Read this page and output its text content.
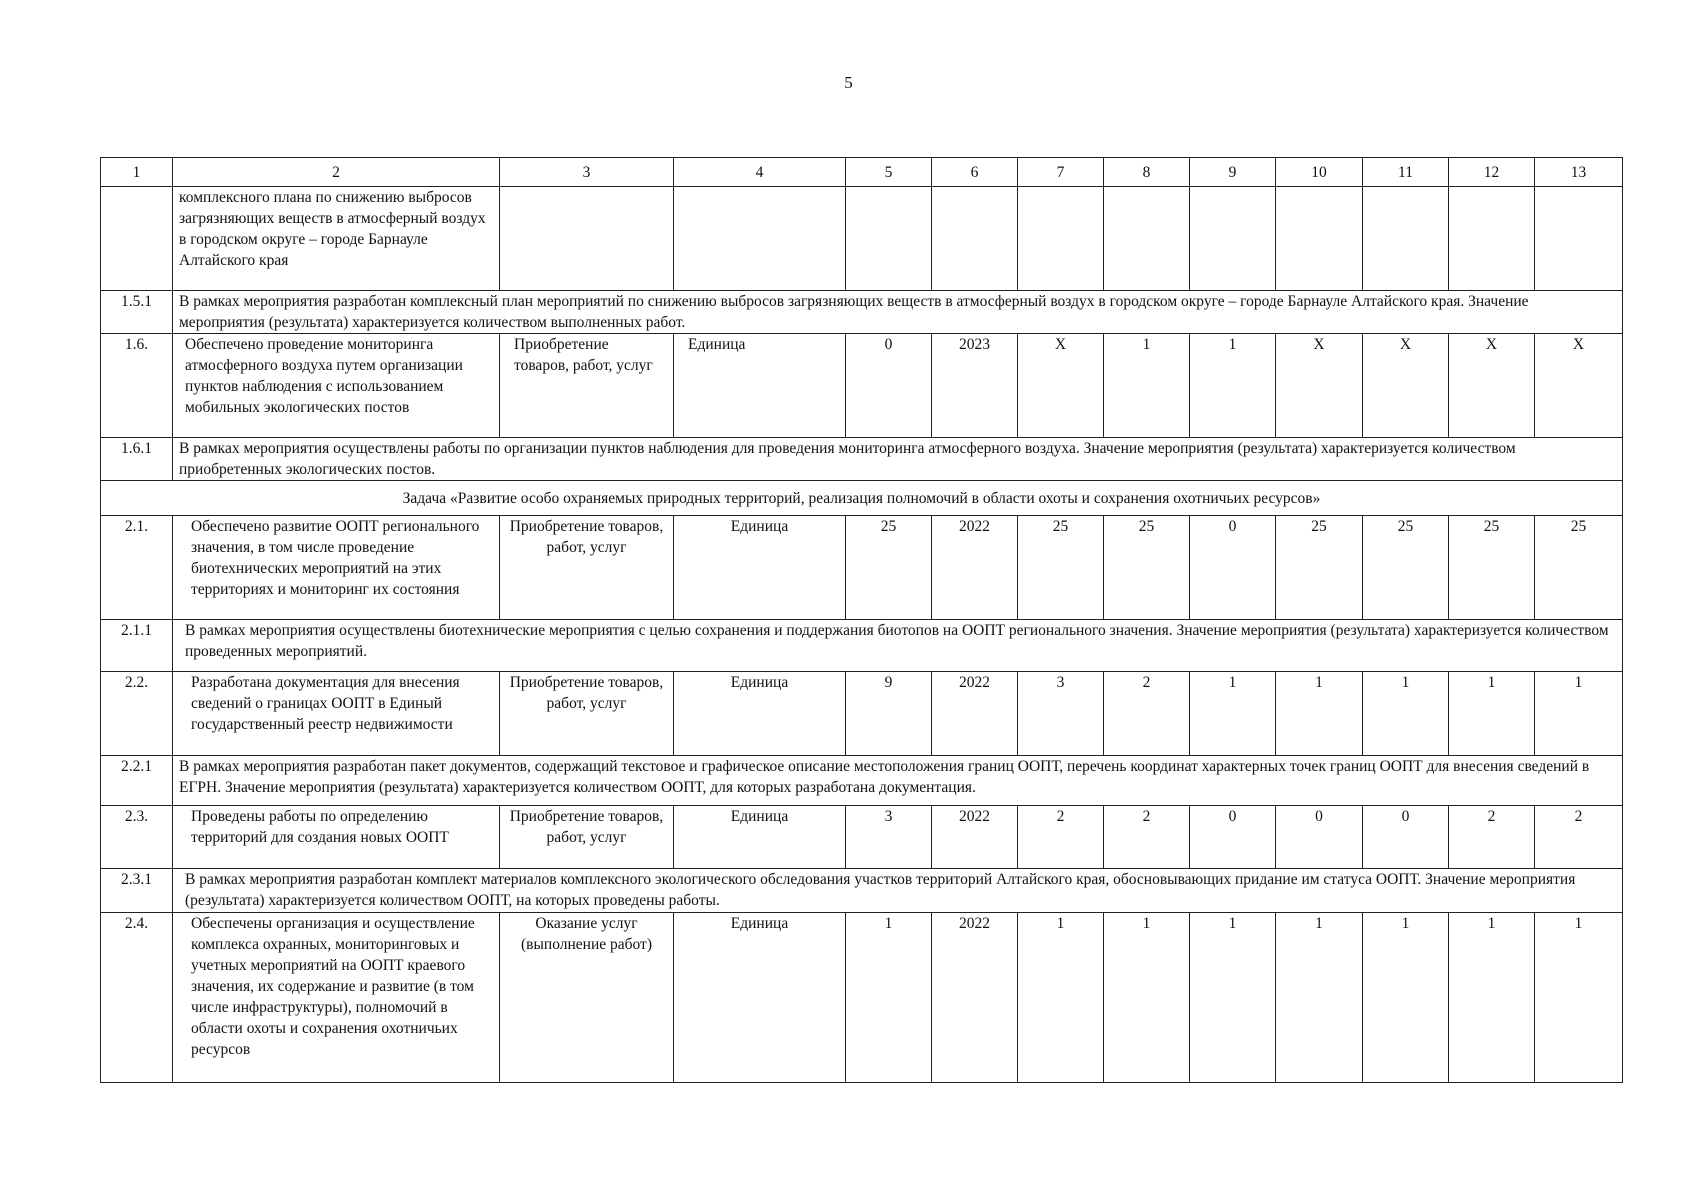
5
1	2	3	4	5	6	7	8	9	10	11	12	13
	комплексного плана по снижению выбросов загрязняющих веществ в атмосферный воздух в городском округе – городе Барнауле Алтайского края											
1.5.1	В рамках мероприятия разработан комплексный план мероприятий по снижению выбросов загрязняющих веществ в атмосферный воздух в городском округе – городе Барнауле Алтайского края. Значение мероприятия (результата) характеризуется количеством выполненных работ.											
1.6.	Обеспечено проведение мониторинга атмосферного воздуха путем организации пунктов наблюдения с использованием мобильных экологических постов	Приобретение товаров, работ, услуг	Единица	0	2023	X	1	1	X	X	X	X
1.6.1	В рамках мероприятия осуществлены работы по организации пунктов наблюдения для проведения мониторинга атмосферного воздуха. Значение мероприятия (результата) характеризуется количеством приобретенных экологических постов.											
Задача «Развитие особо охраняемых природных территорий, реализация полномочий в области охоты и сохранения охотничьих ресурсов»												
2.1.	Обеспечено развитие ООПТ регионального значения, в том числе проведение биотехнических мероприятий на этих территориях и мониторинг их состояния	Приобретение товаров, работ, услуг	Единица	25	2022	25	25	0	25	25	25	25
2.1.1	В рамках мероприятия осуществлены биотехнические мероприятия с целью сохранения и поддержания биотопов на ООПТ регионального значения. Значение мероприятия (результата) характеризуется количеством проведенных мероприятий.											
2.2.	Разработана документация для внесения сведений о границах ООПТ в Единый государственный реестр недвижимости	Приобретение товаров, работ, услуг	Единица	9	2022	3	2	1	1	1	1	1
2.2.1	В рамках мероприятия разработан пакет документов, содержащий текстовое и графическое описание местоположения границ ООПТ, перечень координат характерных точек границ ООПТ для внесения сведений в ЕГРН. Значение мероприятия (результата) характеризуется количеством ООПТ, для которых разработана документация.											
2.3.	Проведены работы по определению территорий для создания новых ООПТ	Приобретение товаров, работ, услуг	Единица	3	2022	2	2	0	0	0	2	2
2.3.1	В рамках мероприятия разработан комплект материалов комплексного экологического обследования участков территорий Алтайского края, обосновывающих придание им статуса ООПТ. Значение мероприятия (результата) характеризуется количеством ООПТ, на которых проведены работы.											
2.4.	Обеспечены организация и осуществление комплекса охранных, мониторинговых и учетных мероприятий на ООПТ краевого значения, их содержание и развитие (в том числе инфраструктуры), полномочий в области охоты и сохранения охотничьих ресурсов	Оказание услуг (выполнение работ)	Единица	1	2022	1	1	1	1	1	1	1
